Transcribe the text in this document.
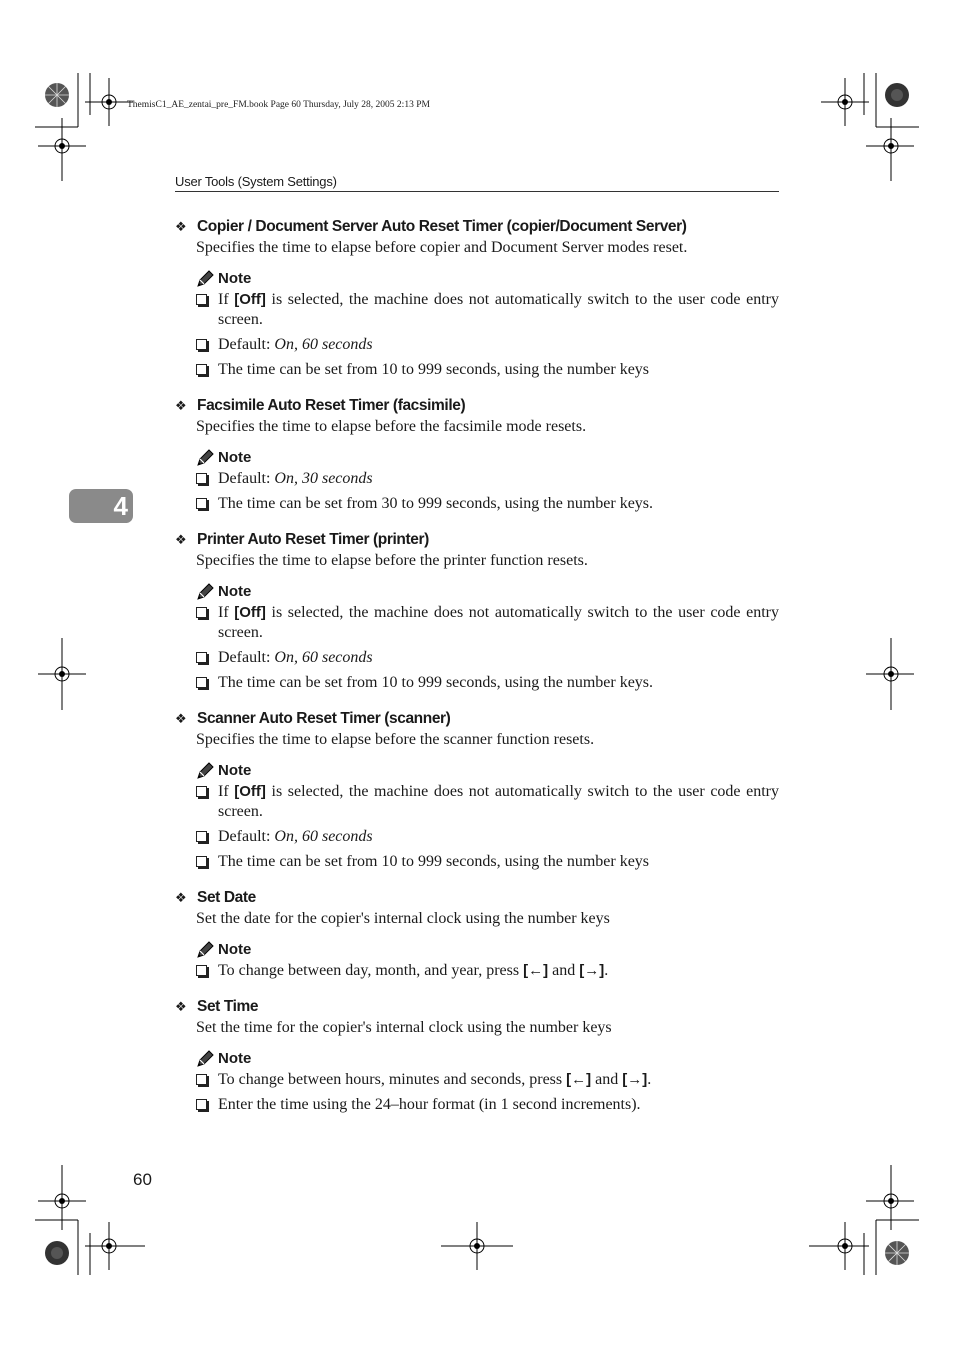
ThemisC1_AE_zentai_pre_FM.book Page 60 Thursday, July 28, 2005 2:13 PM
User Tools (System Settings)
4
❖ Copier / Document Server Auto Reset Timer (copier/Document Server)
Specifies the time to elapse before copier and Document Server modes reset.
Note
If [Off] is selected, the machine does not automatically switch to the user code entry screen.
Default: On, 60 seconds
The time can be set from 10 to 999 seconds, using the number keys
❖ Facsimile Auto Reset Timer (facsimile)
Specifies the time to elapse before the facsimile mode resets.
Note
Default: On, 30 seconds
The time can be set from 30 to 999 seconds, using the number keys.
❖ Printer Auto Reset Timer (printer)
Specifies the time to elapse before the printer function resets.
Note
If [Off] is selected, the machine does not automatically switch to the user code entry screen.
Default: On, 60 seconds
The time can be set from 10 to 999 seconds, using the number keys.
❖ Scanner Auto Reset Timer (scanner)
Specifies the time to elapse before the scanner function resets.
Note
If [Off] is selected, the machine does not automatically switch to the user code entry screen.
Default: On, 60 seconds
The time can be set from 10 to 999 seconds, using the number keys
❖ Set Date
Set the date for the copier's internal clock using the number keys
Note
To change between day, month, and year, press [←] and [→].
❖ Set Time
Set the time for the copier's internal clock using the number keys
Note
To change between hours, minutes and seconds, press [←] and [→].
Enter the time using the 24–hour format (in 1 second increments).
60
